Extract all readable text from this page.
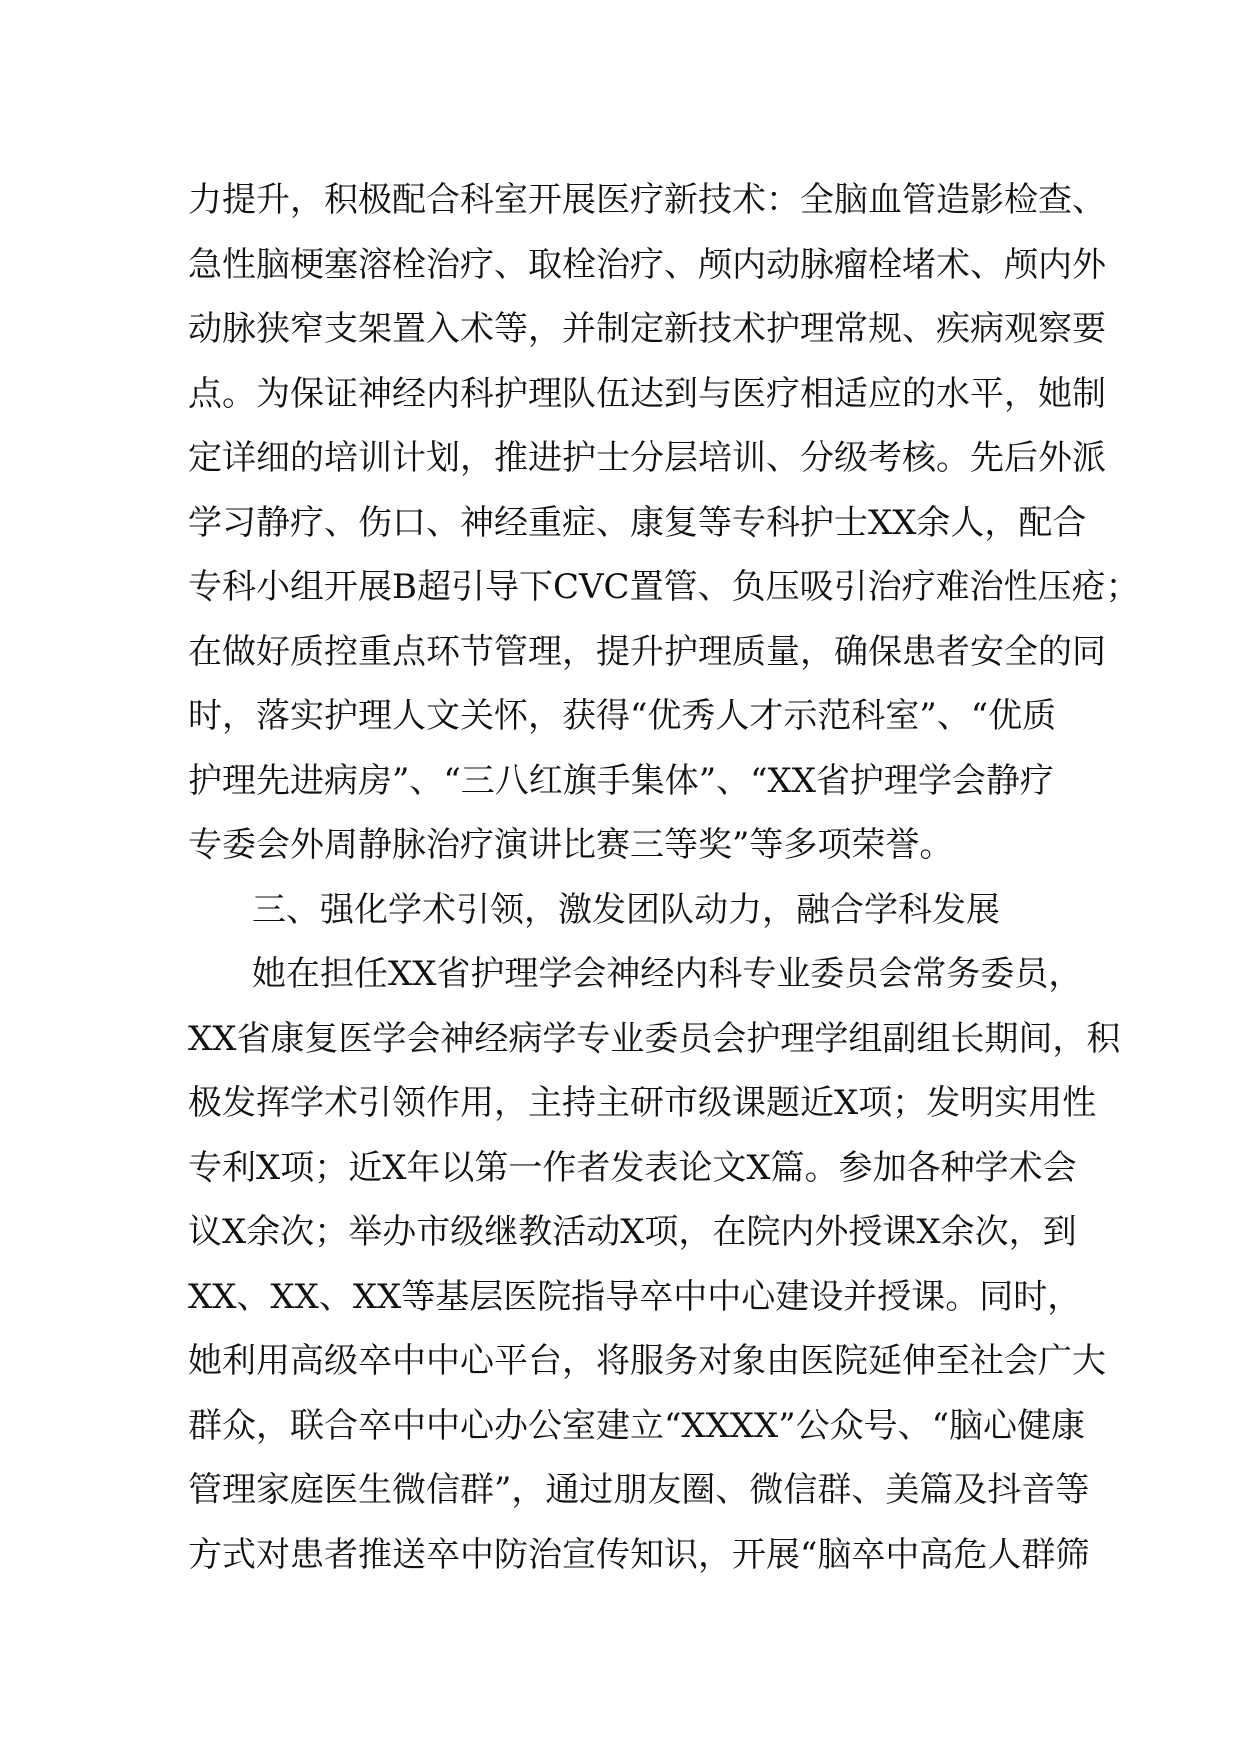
力提升，积极配合科室开展医疗新技术：全脑血管造影检查、
急性脑梗塞溶栓治疗、取栓治疗、颅内动脉瘤栓堵术、颅内外
动脉狭窄支架置入术等，并制定新技术护理常规、疾病观察要
点。为保证神经内科护理队伍达到与医疗相适应的水平，她制
定详细的培训计划，推进护士分层培训、分级考核。先后外派
学习静疗、伤口、神经重症、康复等专科护士XX余人，配合
专科小组开展B超引导下CVC置管、负压吸引治疗难治性压疮；
在做好质控重点环节管理，提升护理质量，确保患者安全的同
时，落实护理人文关怀，获得“优秀人才示范科室”、“优质
护理先进病房”、“三八红旗手集体”、“XX省护理学会静疗
专委会外周静脉治疗演讲比赛三等奖”等多项荣誉。
三、强化学术引领，激发团队动力，融合学科发展
她在担任XX省护理学会神经内科专业委员会常务委员，
XX省康复医学会神经病学专业委员会护理学组副组长期间，积
极发挥学术引领作用，主持主研市级课题近X项；发明实用性
专利X项；近X年以第一作者发表论文X篇。参加各种学术会
议X余次；举办市级继教活动X项，在院内外授课X余次，到
XX、XX、XX等基层医院指导卒中中心建设并授课。同时，
她利用高级卒中中心平台，将服务对象由医院延伸至社会广大
群众，联合卒中中心办公室建立“XXXX”公众号、“脑心健康
管理家庭医生微信群”，通过朋友圈、微信群、美篇及抖音等
方式对患者推送卒中防治宣传知识，开展“脑卒中高危人群筛
